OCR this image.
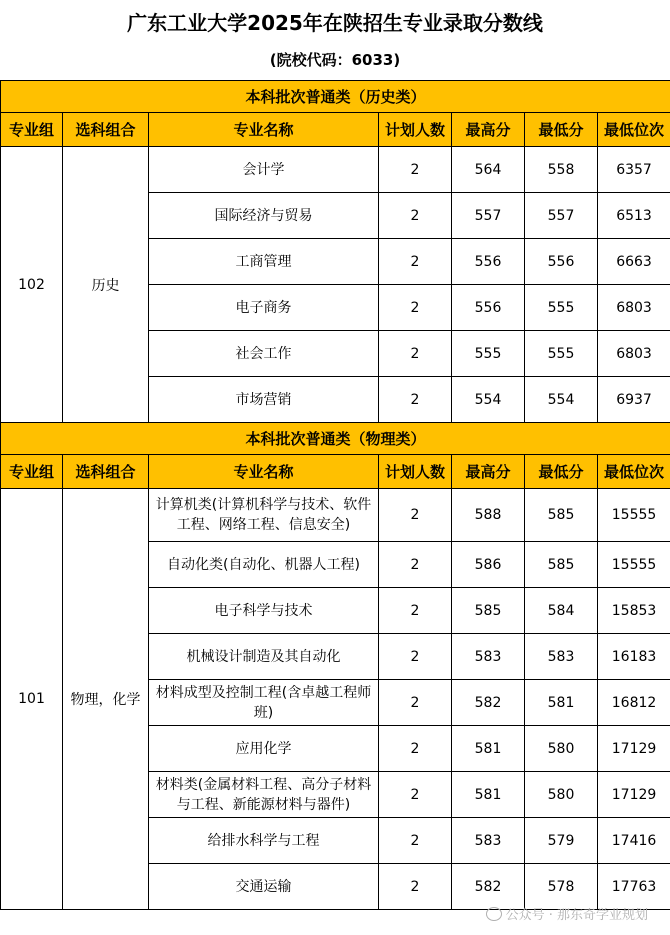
广东工业大学2025年在陕招生专业录取分数线
(院校代码：6033)
本科批次普通类（历史类）						
专业组	选科组合	专业名称	计划人数	最高分	最低分	最低位次
102	历史	会计学	2	564	558	6357
		国际经济与贸易	2	557	557	6513
		工商管理	2	556	556	6663
		电子商务	2	556	555	6803
		社会工作	2	555	555	6803
		市场营销	2	554	554	6937
本科批次普通类（物理类）						
专业组	选科组合	专业名称	计划人数	最高分	最低分	最低位次
101	物理，化学	计算机类(计算机科学与技术、软件工程、网络工程、信息安全)	2	588	585	15555
		自动化类(自动化、机器人工程)	2	586	585	15555
		电子科学与技术	2	585	584	15853
		机械设计制造及其自动化	2	583	583	16183
		材料成型及控制工程(含卓越工程师班)	2	582	581	16812
		应用化学	2	581	580	17129
		材料类(金属材料工程、高分子材料与工程、新能源材料与器件)	2	581	580	17129
		给排水科学与工程	2	583	579	17416
		交通运输	2	582	578	17763
公众号 · 那东奇学业规划
